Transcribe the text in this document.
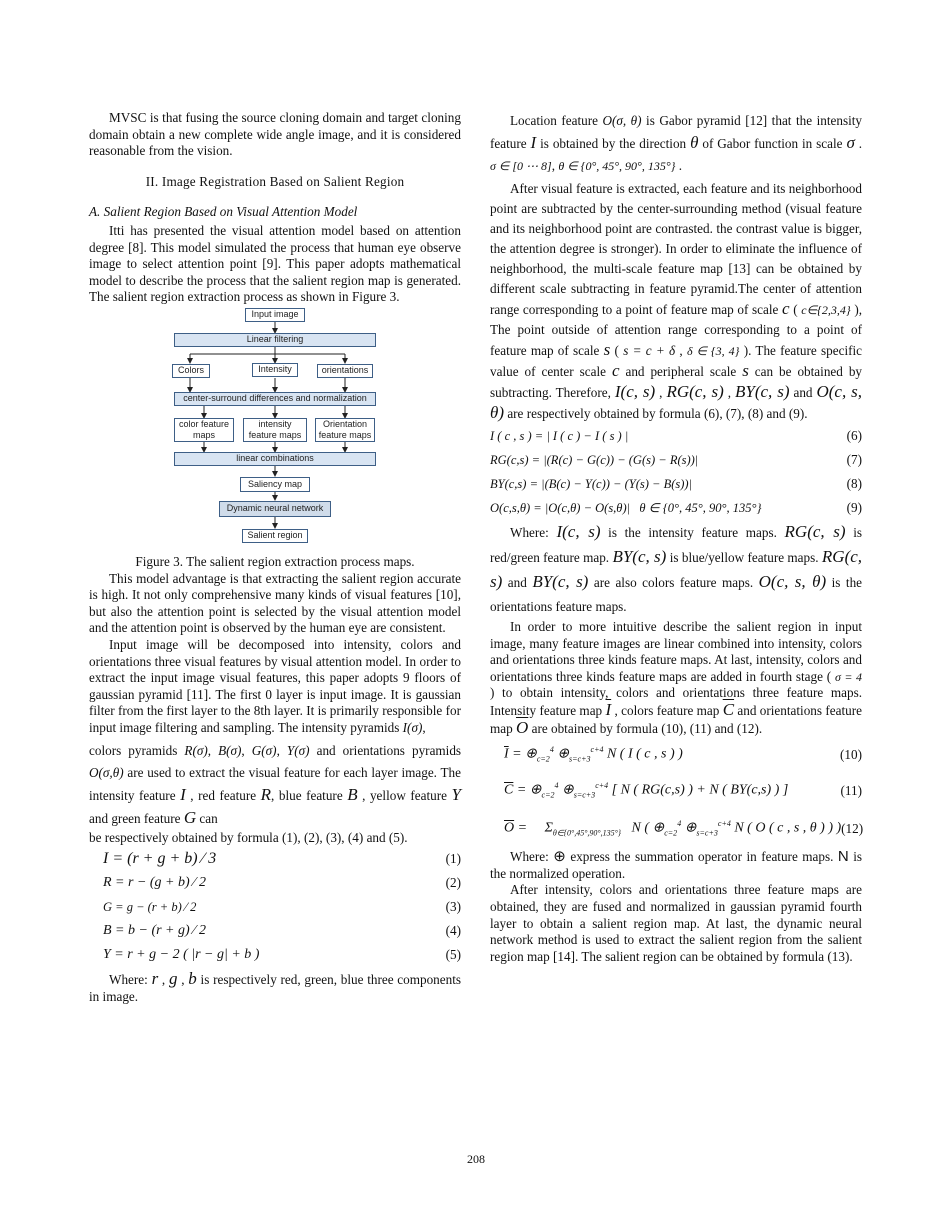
MVSC is that fusing the source cloning domain and target cloning domain obtain a new complete wide angle image, and it is considered reasonable from the vision.

II. Image Registration Based on Salient Region
A. Salient Region Based on Visual Attention Model

Itti has presented the visual attention model based on attention degree [8]. This model simulated the process that human eye observe image to select attention point [9]. This paper adopts mathematical model to describe the process that the salient region map is generated. The salient region extraction process as shown in Figure 3.

Input image
Linear filtering
Colors	Intensity	orientations
center-surround differences and normalization
color feature maps
intensity feature maps
Orientation feature maps
linear combinations
Saliency map
Dynamic neural network
Salient region

Figure 3. The salient region extraction process maps.

This model advantage is that extracting the salient region accurate is high. It not only comprehensive many kinds of visual features [10], but also the attention point is selected by the visual attention model and the attention point is observed by the human eye are consistent.

Input image will be decomposed into intensity, colors and orientations three visual features by visual attention model. In order to extract the input image visual features, this paper adopts 9 floors of gaussian pyramid [11]. The first 0 layer is input image. It is gaussian filter from the first layer to the 8th layer. It is primarily responsible for input image filtering and sampling. The intensity pyramids I(σ),

colors pyramids R(σ), B(σ), G(σ), Y(σ) and orientations pyramids O(σ,θ) are used to extract the visual feature for each layer image. The intensity feature I , red feature R, blue feature B , yellow feature Y and green feature G can

be respectively obtained by formula (1), (2), (3), (4) and (5).

I = (r + g + b) ⁄ 3	(1)
R = r − (g + b) ⁄ 2	(2)
G = g − (r + b) ⁄ 2	(3)
B = b − (r + g) ⁄ 2	(4)
Y = r + g − 2 ( |r − g| + b )	(5)

Where: r , g , b is respectively red, green, blue three components in image.

Location feature O(σ, θ) is Gabor pyramid [12] that the intensity feature I is obtained by the direction θ of Gabor function in scale σ . σ ∈ [0 ⋯ 8], θ ∈ {0°, 45°, 90°, 135°} .

After visual feature is extracted, each feature and its neighborhood point are subtracted by the center-surrounding method (visual feature and its neighborhood point are contrasted. the contrast value is bigger, the attention degree is stronger). In order to eliminate the influence of neighborhood, the multi-scale feature map [13] can be obtained by different scale subtracting in feature pyramid.The center of attention range corresponding to a point of feature map of scale c ( c∈{2,3,4} ), The point outside of attention range corresponding to a point of feature map of scale s ( s = c + δ , δ ∈ {3, 4} ). The feature specific value of center scale c and peripheral scale s can be obtained by subtracting. Therefore, I(c, s) , RG(c, s) , BY(c, s) and O(c, s, θ) are respectively obtained by formula (6), (7), (8) and (9).

I ( c , s ) = | I ( c ) − I ( s ) |	(6)
RG(c,s) = |(R(c) − G(c)) − (G(s) − R(s))|	(7)
BY(c,s) = |(B(c) − Y(c)) − (Y(s) − B(s))|	(8)
O(c,s,θ) = |O(c,θ) − O(s,θ)|   θ ∈ {0°, 45°, 90°, 135°}	(9)

Where: I(c, s) is the intensity feature maps. RG(c, s) is red/green feature map. BY(c, s) is blue/yellow feature maps. RG(c, s) and BY(c, s) are also colors feature maps. O(c, s, θ) is the orientations feature maps.

In order to more intuitive describe the salient region in input image, many feature images are linear combined into intensity, colors and orientations three kinds feature maps. At last, intensity, colors and orientations three kinds feature maps are added in fourth stage ( σ = 4 ) to obtain intensity, colors and orientations three feature maps. Intensity feature map $\overline{I}$ , colors feature map $\overline{C}$ and orientations feature map $\overline{O}$ are obtained by formula (10), (11) and (12).

$\overline{I}$ = $\oplus_{c=2}^4$ $\oplus_{s=c+3}^{c+4}$ N ( I ( c , s ) )	(10)
$\overline{C}$ = $\oplus_{c=2}^4$ $\oplus_{s=c+3}^{c+4}$ [ N ( RG(c,s) ) + N ( BY(c,s) ) ]	(11)
$\overline{O}$ =     $\Sigma_{\theta\in\{0^\circ,45^\circ,90^\circ,135^\circ\}}$   N ( $\oplus_{c=2}^4$ $\oplus_{s=c+3}^{c+4}$ N ( O ( c , s , θ ) ) ) (12)

Where: ⊕ express the summation operator in feature maps. N is the normalized operation.

After intensity, colors and orientations three feature maps are obtained, they are fused and normalized in gaussian pyramid fourth layer to obtain a salient region map. At last, the dynamic neural network method is used to extract the salient region from the salient region map [14]. The salient region can be obtained by formula (13).

208
